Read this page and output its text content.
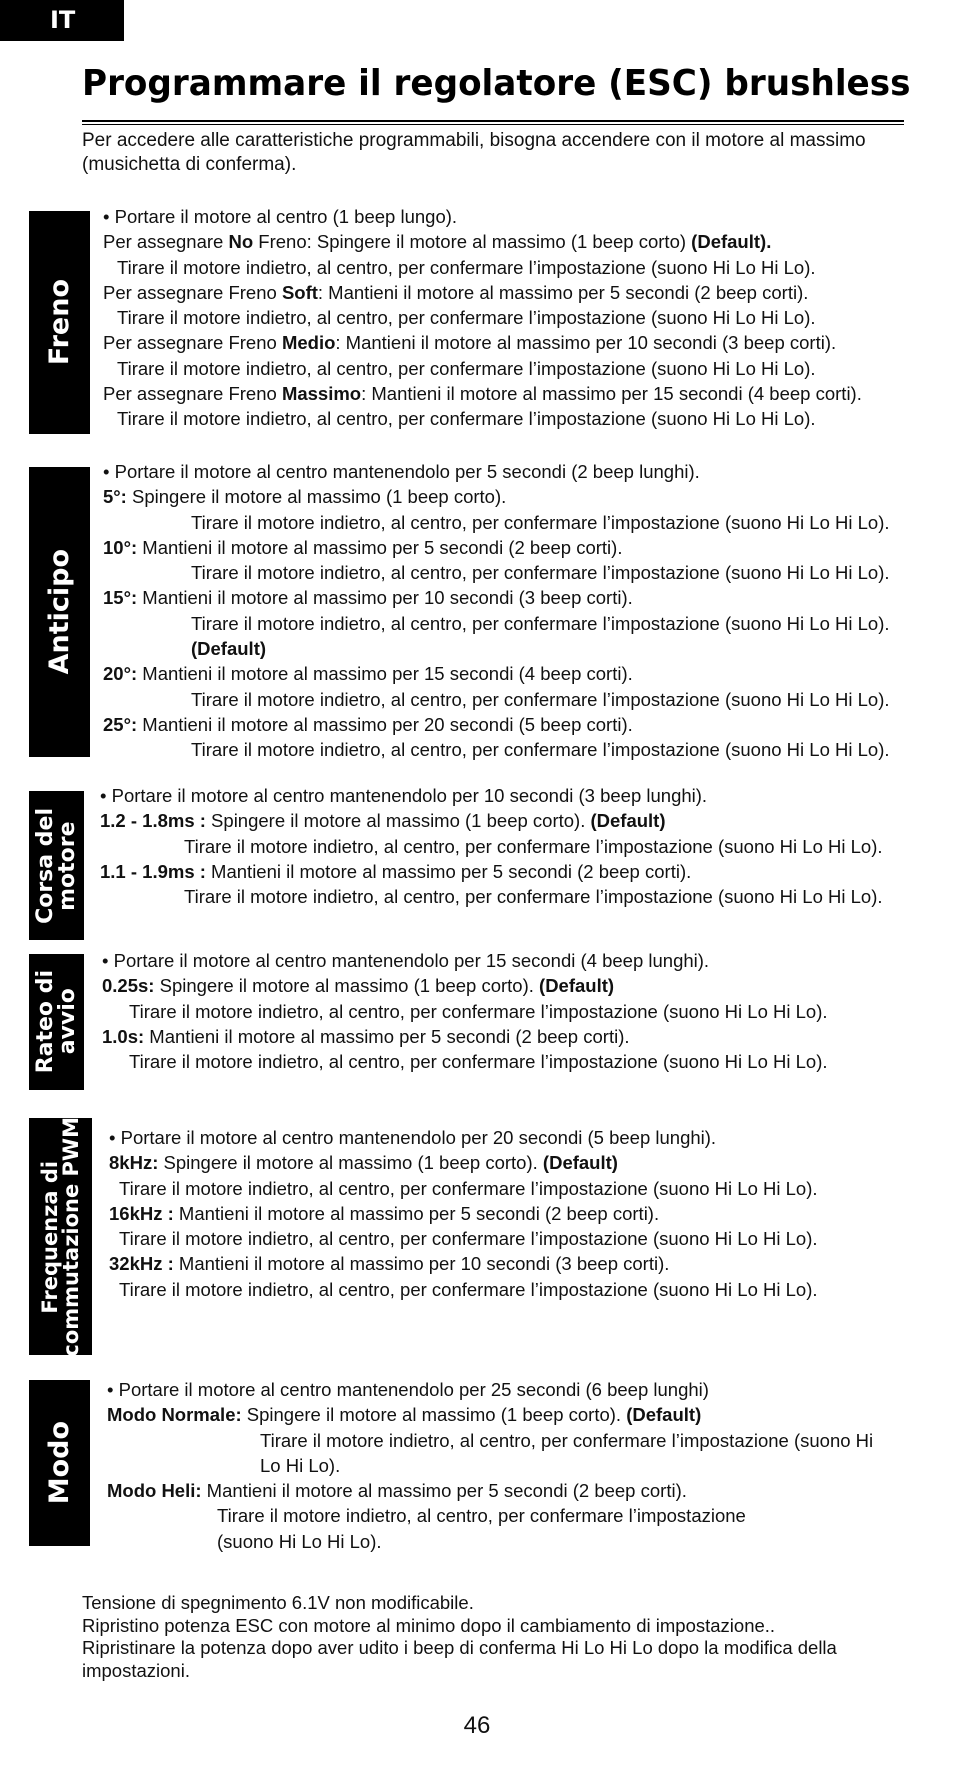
IT
Programmare il regolatore (ESC) brushless
Per accedere alle caratteristiche programmabili, bisogna accendere con il motore al massimo (musichetta di conferma).
Freno
• Portare il motore al centro (1 beep lungo).
Per assegnare No Freno: Spingere il motore al massimo (1 beep corto) (Default).
Tirare il motore indietro, al centro, per confermare l’impostazione (suono Hi Lo Hi Lo).
Per assegnare Freno Soft: Mantieni il motore al massimo per 5 secondi (2 beep corti).
Tirare il motore indietro, al centro, per confermare l’impostazione (suono Hi Lo Hi Lo).
Per assegnare Freno Medio: Mantieni il motore al massimo per 10 secondi (3 beep corti).
Tirare il motore indietro, al centro, per confermare l’impostazione (suono Hi Lo Hi Lo).
Per assegnare Freno Massimo: Mantieni il motore al massimo per 15 secondi (4 beep corti).
Tirare il motore indietro, al centro, per confermare l’impostazione (suono Hi Lo Hi Lo).
Anticipo
• Portare il motore al centro mantenendolo per 5 secondi (2 beep lunghi).
5°: Spingere il motore al massimo (1 beep corto).
Tirare il motore indietro, al centro, per confermare l’impostazione (suono Hi Lo Hi Lo).
10°: Mantieni il motore al massimo per 5 secondi (2 beep corti).
Tirare il motore indietro, al centro, per confermare l’impostazione (suono Hi Lo Hi Lo).
15°: Mantieni il motore al massimo per 10 secondi (3 beep corti).
Tirare il motore indietro, al centro, per confermare l’impostazione (suono Hi Lo Hi Lo).
(Default)
20°: Mantieni il motore al massimo per 15 secondi (4 beep corti).
Tirare il motore indietro, al centro, per confermare l’impostazione (suono Hi Lo Hi Lo).
25°: Mantieni il motore al massimo per 20 secondi (5 beep corti).
Tirare il motore indietro, al centro, per confermare l’impostazione (suono Hi Lo Hi Lo).
Corsa del
motore
• Portare il motore al centro mantenendolo per 10 secondi (3 beep lunghi).
1.2 - 1.8ms : Spingere il motore al massimo (1 beep corto). (Default)
Tirare il motore indietro, al centro, per confermare l’impostazione (suono Hi Lo Hi Lo).
1.1 - 1.9ms : Mantieni il motore al massimo per 5 secondi (2 beep corti).
Tirare il motore indietro, al centro, per confermare l’impostazione (suono Hi Lo Hi Lo).
Rateo di
avvio
• Portare il motore al centro mantenendolo per 15 secondi (4 beep lunghi).
0.25s: Spingere il motore al massimo (1 beep corto). (Default)
Tirare il motore indietro, al centro, per confermare l’impostazione (suono Hi Lo Hi Lo).
1.0s: Mantieni il motore al massimo per 5 secondi (2 beep corti).
Tirare il motore indietro, al centro, per confermare l’impostazione (suono Hi Lo Hi Lo).
Frequenza di
commutazione PWM • Portare il motore al centro mantenendolo per 20 secondi (5 beep lunghi).
8kHz: Spingere il motore al massimo (1 beep corto). (Default)
Tirare il motore indietro, al centro, per confermare l’impostazione (suono Hi Lo Hi Lo).
16kHz : Mantieni il motore al massimo per 5 secondi (2 beep corti).
Tirare il motore indietro, al centro, per confermare l’impostazione (suono Hi Lo Hi Lo).
32kHz : Mantieni il motore al massimo per 10 secondi (3 beep corti).
Tirare il motore indietro, al centro, per confermare l’impostazione (suono Hi Lo Hi Lo).
Modo
• Portare il motore al centro mantenendolo per 25 secondi (6 beep lunghi)
Modo Normale: Spingere il motore al massimo (1 beep corto). (Default)
Tirare il motore indietro, al centro, per confermare l’impostazione (suono Hi
Lo Hi Lo).
Modo Heli: Mantieni il motore al massimo per 5 secondi (2 beep corti).
Tirare il motore indietro, al centro, per confermare l’impostazione
(suono Hi Lo Hi Lo).
Tensione di spegnimento 6.1V non modificabile.
Ripristino potenza ESC con motore al minimo dopo il cambiamento di impostazione..
Ripristinare la potenza dopo aver udito i beep di conferma Hi Lo Hi Lo dopo la modifica della impostazioni.
46
